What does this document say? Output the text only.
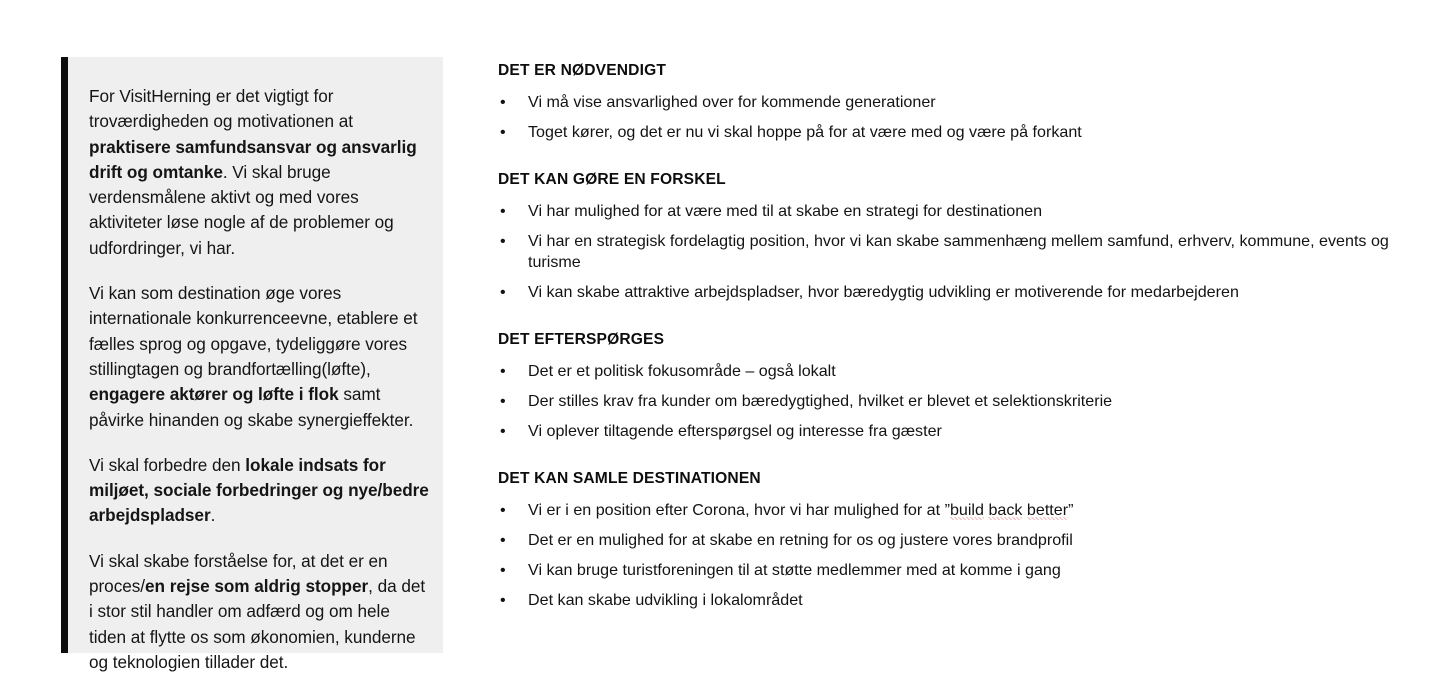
For VisitHerning er det vigtigt for troværdigheden og motivationen at praktisere samfundsansvar og ansvarlig drift og omtanke. Vi skal bruge verdensmålene aktivt og med vores aktiviteter løse nogle af de problemer og udfordringer, vi har.

Vi kan som destination øge vores internationale konkurrenceevne, etablere et fælles sprog og opgave, tydeliggøre vores stillingtagen og brandfortælling(løfte), engagere aktører og løfte i flok samt påvirke hinanden og skabe synergieffekter.

Vi skal forbedre den lokale indsats for miljøet, sociale forbedringer og nye/bedre arbejdspladser.

Vi skal skabe forståelse for, at det er en proces/en rejse som aldrig stopper, da det i stor stil handler om adfærd og om hele tiden at flytte os som økonomien, kunderne og teknologien tillader det.

DET ER NØDVENDIGT
• Vi må vise ansvarlighed over for kommende generationer
• Toget kører, og det er nu vi skal hoppe på for at være med og være på forkant
DET KAN GØRE EN FORSKEL
• Vi har mulighed for at være med til at skabe en strategi for destinationen
• Vi har en strategisk fordelagtig position, hvor vi kan skabe sammenhæng mellem samfund, erhverv, kommune, events og turisme
• Vi kan skabe attraktive arbejdspladser, hvor bæredygtig udvikling er motiverende for medarbejderen
DET EFTERSPØRGES
• Det er et politisk fokusområde – også lokalt
• Der stilles krav fra kunder om bæredygtighed, hvilket er blevet et selektionskriterie
• Vi oplever tiltagende efterspørgsel og interesse fra gæster
DET KAN SAMLE DESTINATIONEN
• Vi er i en position efter Corona, hvor vi har mulighed for at ”build back better”
• Det er en mulighed for at skabe en retning for os og justere vores brandprofil
• Vi kan bruge turistforeningen til at støtte medlemmer med at komme i gang
• Det kan skabe udvikling i lokalområdet
